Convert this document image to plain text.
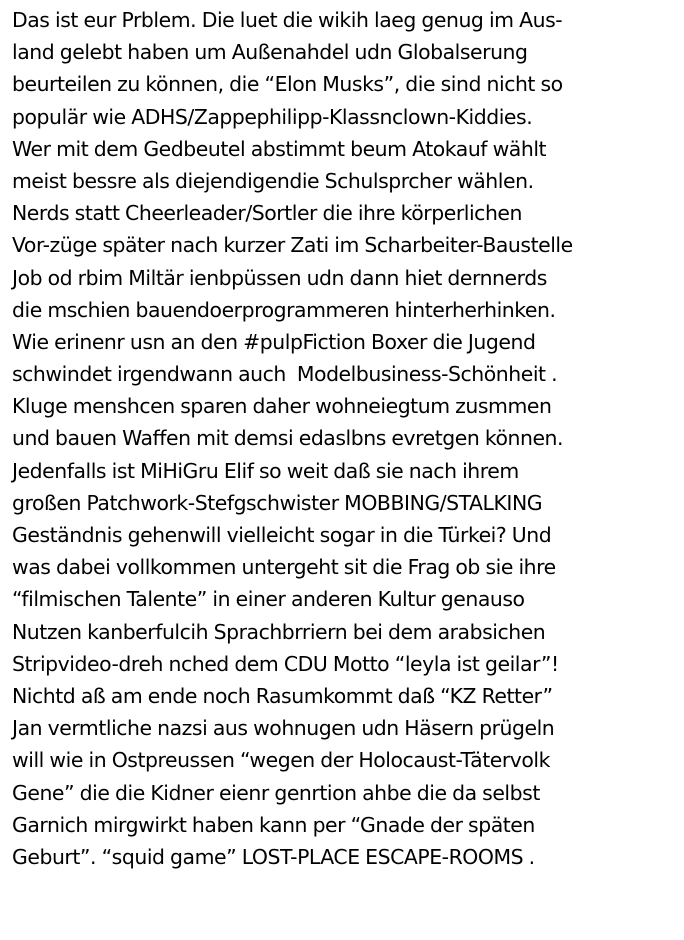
Das ist eur Prblem. Die luet die wikih laeg genug im Aus-
land gelebt haben um Außenahdel udn Globalserung
beurteilen zu können, die “Elon Musks”, die sind nicht so
populär wie ADHS/Zappephilipp-Klassnclown-Kiddies.
Wer mit dem Gedbeutel abstimmt beum Atokauf wählt
meist bessre als diejendigendie Schulsprcher wählen.
Nerds statt Cheerleader/Sortler die ihre körperlichen
Vor-züge später nach kurzer Zati im Scharbeiter-Baustelle
Job od rbim Miltär ienbpüssen udn dann hiet dernnerds
die mschien bauendoerprogrammeren hinterherhinken.
Wie erinenr usn an den #pulpFiction Boxer die Jugend
schwindet irgendwann auch  Modelbusiness-Schönheit .
Kluge menshcen sparen daher wohneiegtum zusmmen
und bauen Waffen mit demsi edaslbns evretgen können.
Jedenfalls ist MiHiGru Elif so weit daß sie nach ihrem
großen Patchwork-Stefgschwister MOBBING/STALKING
Geständnis gehenwill vielleicht sogar in die Türkei? Und
was dabei vollkommen untergeht sit die Frag ob sie ihre
“filmischen Talente” in einer anderen Kultur genauso
Nutzen kanberfulcih Sprachbrriern bei dem arabsichen
Stripvideo-dreh nched dem CDU Motto “leyla ist geilar”!
Nichtd aß am ende noch Rasumkommt daß “KZ Retter”
Jan vermtliche nazsi aus wohnugen udn Häsern prügeln
will wie in Ostpreussen “wegen der Holocaust-Tätervolk
Gene” die die Kidner eienr genrtion ahbe die da selbst
Garnich mirgwirkt haben kann per “Gnade der späten
Geburt”. “squid game” LOST-PLACE ESCAPE-ROOMS .
